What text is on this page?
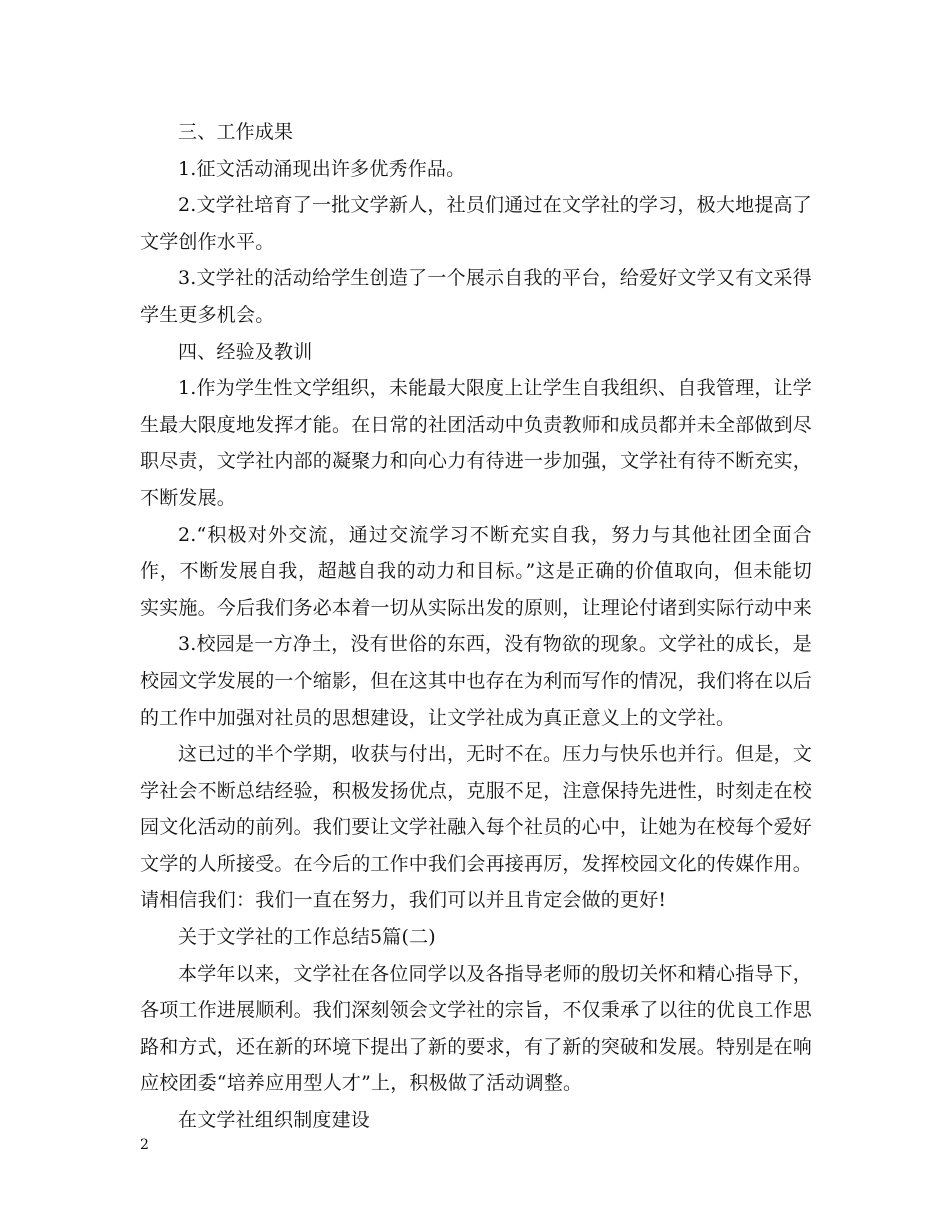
三、工作成果

1.征文活动涌现出许多优秀作品。

2.文学社培育了一批文学新人，社员们通过在文学社的学习，极大地提高了文学创作水平。

3.文学社的活动给学生创造了一个展示自我的平台，给爱好文学又有文采得学生更多机会。

四、经验及教训

1.作为学生性文学组织，未能最大限度上让学生自我组织、自我管理，让学生最大限度地发挥才能。在日常的社团活动中负责教师和成员都并未全部做到尽职尽责，文学社内部的凝聚力和向心力有待进一步加强，文学社有待不断充实，不断发展。

2.“积极对外交流，通过交流学习不断充实自我，努力与其他社团全面合作，不断发展自我，超越自我的动力和目标。”这是正确的价值取向，但未能切实实施。今后我们务必本着一切从实际出发的原则，让理论付诸到实际行动中来

3.校园是一方净土，没有世俗的东西，没有物欲的现象。文学社的成长，是校园文学发展的一个缩影，但在这其中也存在为利而写作的情况，我们将在以后的工作中加强对社员的思想建设，让文学社成为真正意义上的文学社。

这已过的半个学期，收获与付出，无时不在。压力与快乐也并行。但是，文学社会不断总结经验，积极发扬优点，克服不足，注意保持先进性，时刻走在校园文化活动的前列。我们要让文学社融入每个社员的心中，让她为在校每个爱好文学的人所接受。在今后的工作中我们会再接再厉，发挥校园文化的传媒作用。 请相信我们：我们一直在努力，我们可以并且肯定会做的更好!

关于文学社的工作总结5篇(二)

本学年以来，文学社在各位同学以及各指导老师的殷切关怀和精心指导下，各项工作进展顺利。我们深刻领会文学社的宗旨，不仅秉承了以往的优良工作思路和方式，还在新的环境下提出了新的要求，有了新的突破和发展。特别是在响应校团委“培养应用型人才”上，积极做了活动调整。

在文学社组织制度建设

2
